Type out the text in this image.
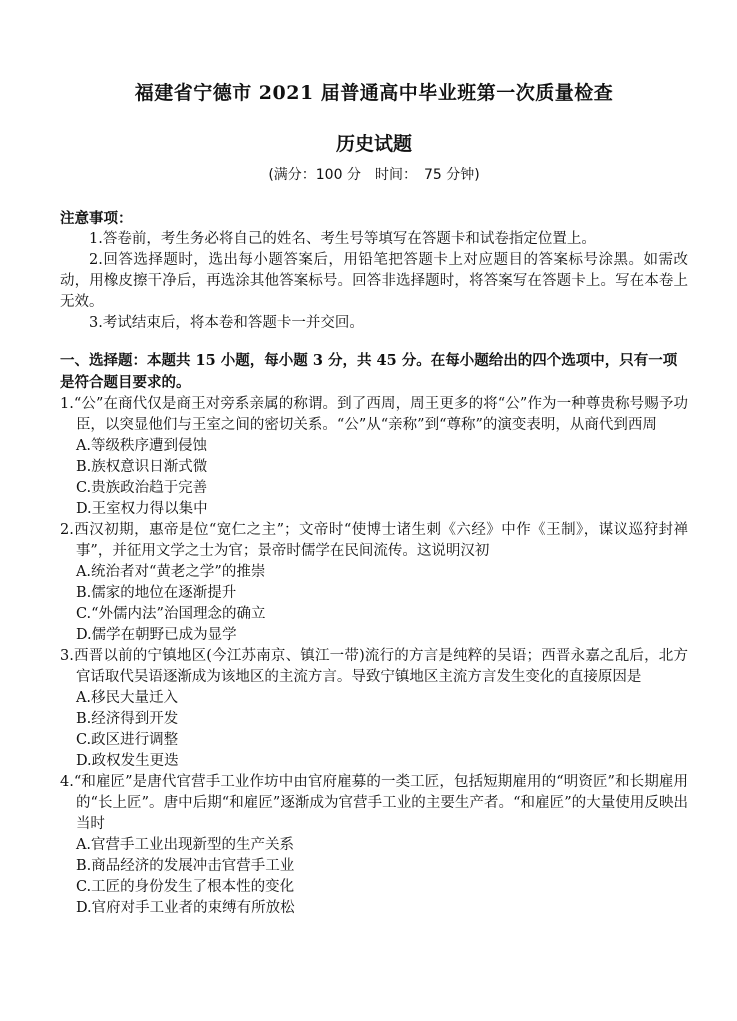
福建省宁德市 2021 届普通高中毕业班第一次质量检查
历史试题
(满分：100 分　时间：　75 分钟)
注意事项：
1.答卷前，考生务必将自己的姓名、考生号等填写在答题卡和试卷指定位置上。
2.回答选择题时，选出每小题答案后，用铅笔把答题卡上对应题目的答案标号涂黑。如需改动，用橡皮擦干净后，再选涂其他答案标号。回答非选择题时，将答案写在答题卡上。写在本卷上无效。
3.考试结束后，将本卷和答题卡一并交回。
一、选择题：本题共 15 小题，每小题 3 分，共 45 分。在每小题给出的四个选项中，只有一项是符合题目要求的。
1.“公”在商代仅是商王对旁系亲属的称谓。到了西周，周王更多的将“公”作为一种尊贵称号赐予功臣，以突显他们与王室之间的密切关系。“公”从“亲称”到“尊称”的演变表明，从商代到西周
A.等级秩序遭到侵蚀
B.族权意识日渐式微
C.贵族政治趋于完善
D.王室权力得以集中
2.西汉初期，惠帝是位“宽仁之主”；文帝时“使博士诸生刺《六经》中作《王制》，谋议巡狩封禅事”，并征用文学之士为官；景帝时儒学在民间流传。这说明汉初
A.统治者对“黄老之学”的推崇
B.儒家的地位在逐渐提升
C.“外儒内法”治国理念的确立
D.儒学在朝野已成为显学
3.西晋以前的宁镇地区(今江苏南京、镇江一带)流行的方言是纯粹的吴语；西晋永嘉之乱后，北方官话取代吴语逐渐成为该地区的主流方言。导致宁镇地区主流方言发生变化的直接原因是
A.移民大量迁入
B.经济得到开发
C.政区进行调整
D.政权发生更迭
4.“和雇匠”是唐代官营手工业作坊中由官府雇募的一类工匠，包括短期雇用的“明资匠”和长期雇用的“长上匠”。唐中后期“和雇匠”逐渐成为官营手工业的主要生产者。“和雇匠”的大量使用反映出当时
A.官营手工业出现新型的生产关系
B.商品经济的发展冲击官营手工业
C.工匠的身份发生了根本性的变化
D.官府对手工业者的束缚有所放松
